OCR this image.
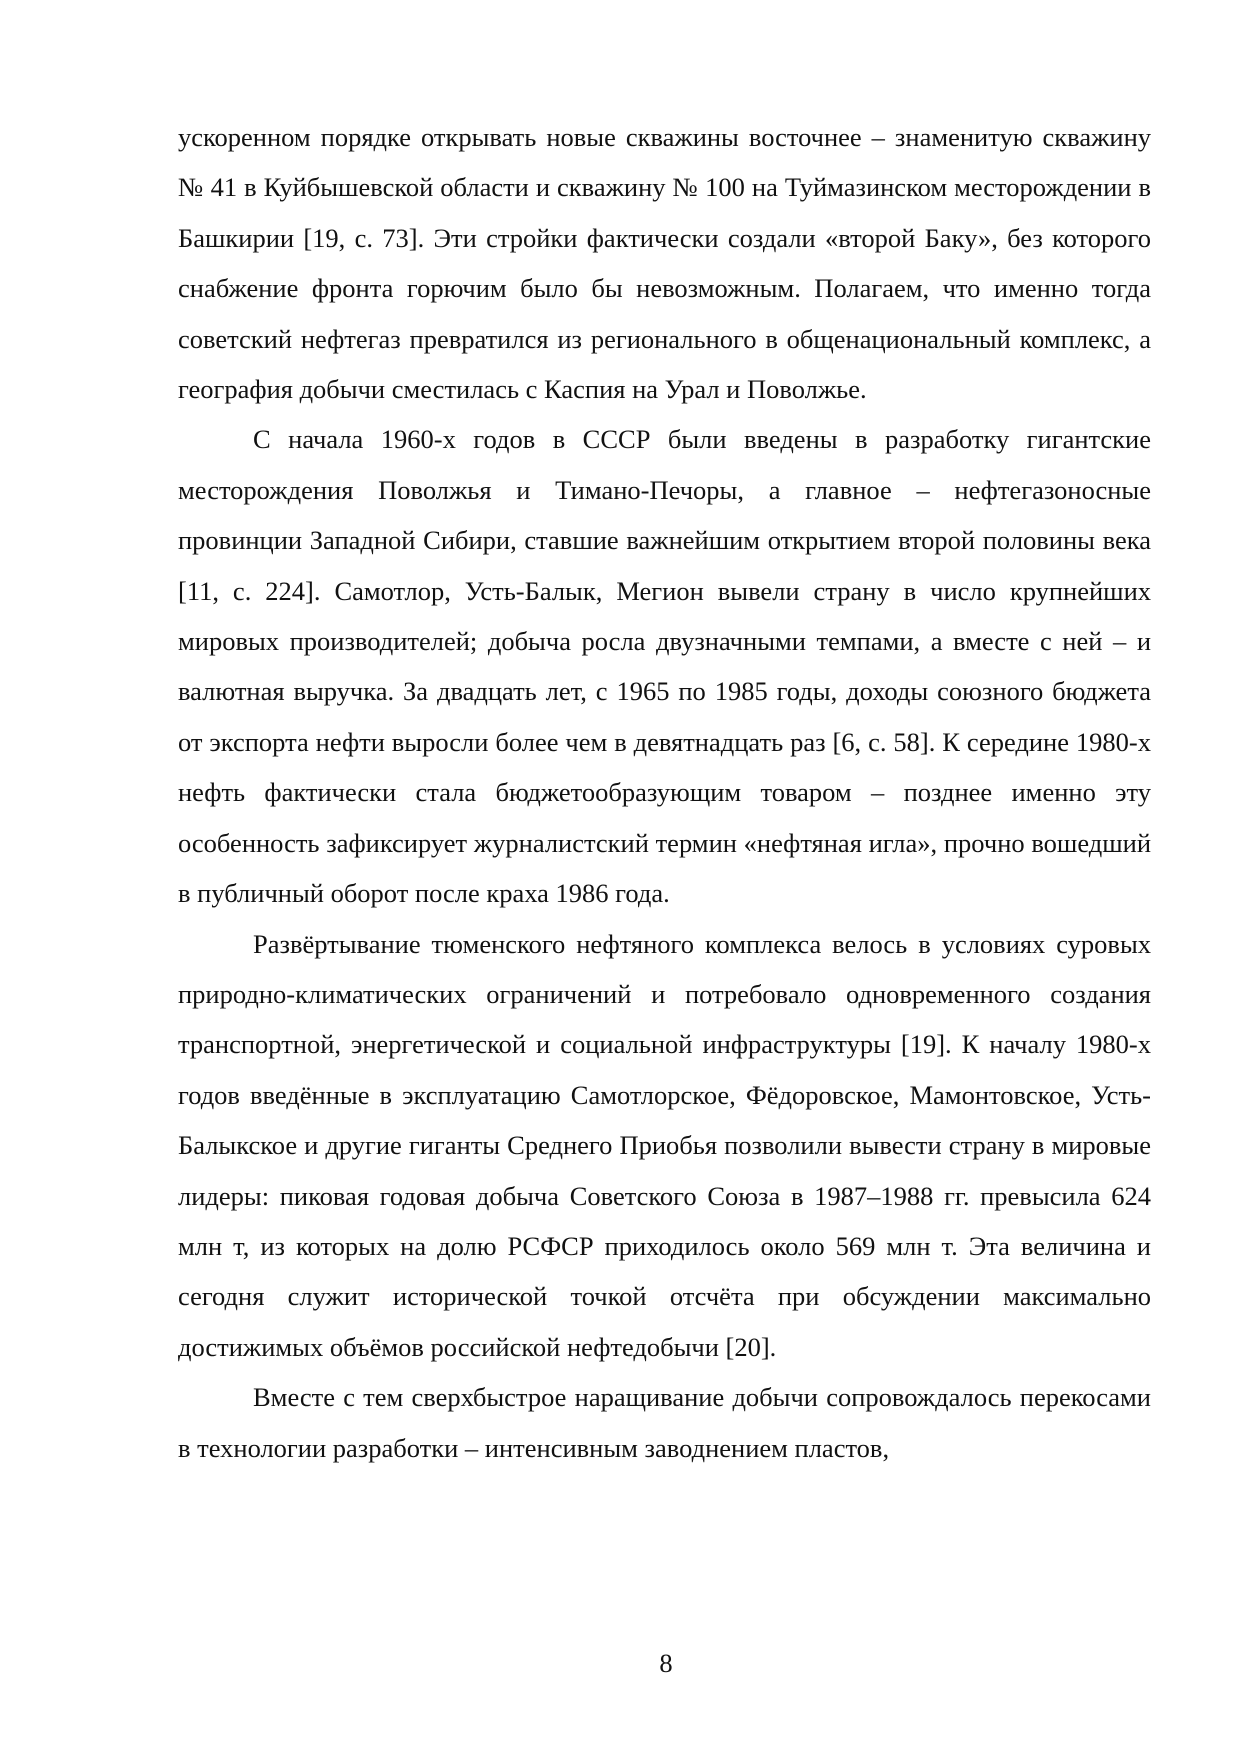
ускоренном порядке открывать новые скважины восточнее – знаменитую скважину № 41 в Куйбышевской области и скважину № 100 на Туймазинском месторождении в Башкирии [19, с. 73]. Эти стройки фактически создали «второй Баку», без которого снабжение фронта горючим было бы невозможным. Полагаем, что именно тогда советский нефтегаз превратился из регионального в общенациональный комплекс, а география добычи сместилась с Каспия на Урал и Поволжье.

С начала 1960-х годов в СССР были введены в разработку гигантские месторождения Поволжья и Тимано-Печоры, а главное – нефтегазоносные провинции Западной Сибири, ставшие важнейшим открытием второй половины века [11, с. 224]. Самотлор, Усть-Балык, Мегион вывели страну в число крупнейших мировых производителей; добыча росла двузначными темпами, а вместе с ней – и валютная выручка. За двадцать лет, с 1965 по 1985 годы, доходы союзного бюджета от экспорта нефти выросли более чем в девятнадцать раз [6, с. 58]. К середине 1980-х нефть фактически стала бюджетообразующим товаром – позднее именно эту особенность зафиксирует журналистский термин «нефтяная игла», прочно вошедший в публичный оборот после краха 1986 года.

Развёртывание тюменского нефтяного комплекса велось в условиях суровых природно-климатических ограничений и потребовало одновременного создания транспортной, энергетической и социальной инфраструктуры [19]. К началу 1980-х годов введённые в эксплуатацию Самотлорское, Фёдоровское, Мамонтовское, Усть-Балыкское и другие гиганты Среднего Приобья позволили вывести страну в мировые лидеры: пиковая годовая добыча Советского Союза в 1987–1988 гг. превысила 624 млн т, из которых на долю РСФСР приходилось около 569 млн т. Эта величина и сегодня служит исторической точкой отсчёта при обсуждении максимально достижимых объёмов российской нефтедобычи [20].

Вместе с тем сверхбыстрое наращивание добычи сопровождалось перекосами в технологии разработки – интенсивным заводнением пластов,

8
